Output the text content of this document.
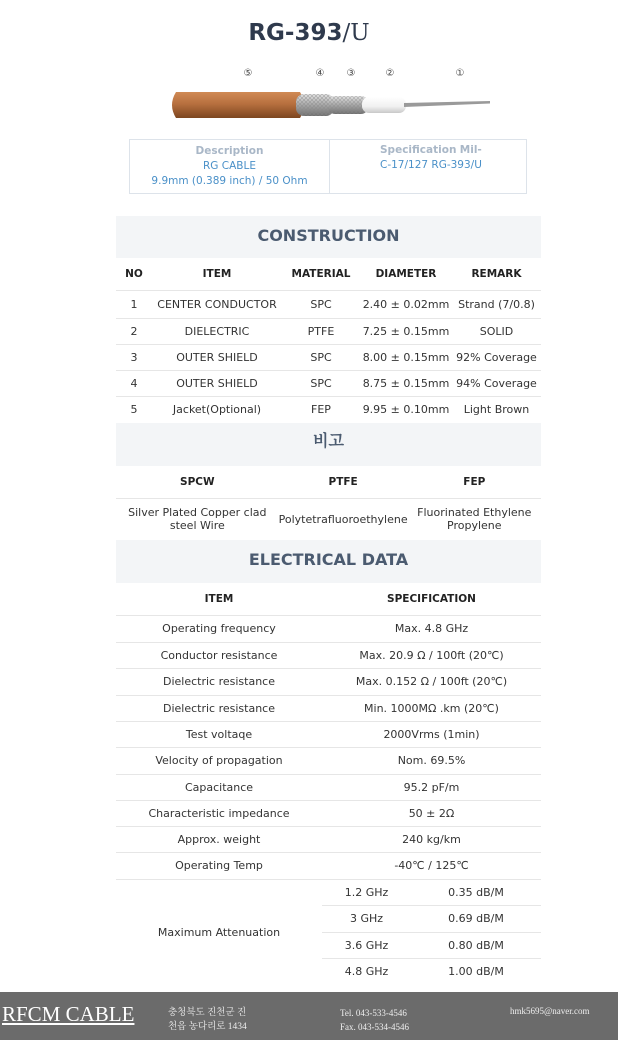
RG-393/U
⑤	④ ③	②	①
Description
RG CABLE
9.9mm (0.389 inch) / 50 Ohm
Specification Mil-
C-17/127 RG-393/U
CONSTRUCTION
NO	ITEM	MATERIAL	DIAMETER	REMARK
1	CENTER CONDUCTOR	SPC	2.40 ± 0.02mm	Strand (7/0.8)
2	DIELECTRIC	PTFE	7.25 ± 0.15mm	SOLID
3	OUTER SHIELD	SPC	8.00 ± 0.15mm	92% Coverage
4	OUTER SHIELD	SPC	8.75 ± 0.15mm	94% Coverage
5	Jacket(Optional)	FEP	9.95 ± 0.10mm	Light Brown
비고
SPCW	PTFE	FEP
Silver Plated Copper clad steel Wire	Polytetrafluoroethylene	Fluorinated Ethylene Propylene
ELECTRICAL DATA
ITEM	SPECIFICATION	
Operating frequency	Max. 4.8 GHz	
Conductor resistance	Max. 20.9 Ω / 100ft (20℃)	
Dielectric resistance	Max. 0.152 Ω / 100ft (20℃)	
Dielectric resistance	Min. 1000MΩ .km (20℃)	
Test voltaqe	2000Vrms (1min)	
Velocity of propagation	Nom. 69.5%	
Capacitance	95.2 pF/m	
Characteristic impedance	50 ± 2Ω	
Approx. weight	240 kg/km	
Operating Temp	-40℃ / 125℃	
Maximum Attenuation	1.2 GHz	0.35 dB/M
	3 GHz	0.69 dB/M
	3.6 GHz	0.80 dB/M
	4.8 GHz	1.00 dB/M
RFCM CABLE	충청북도 진천군 진
천읍 농다리로 1434
Tel. 043-533-4546
Fax. 043-534-4546
hmk5695@naver.com
